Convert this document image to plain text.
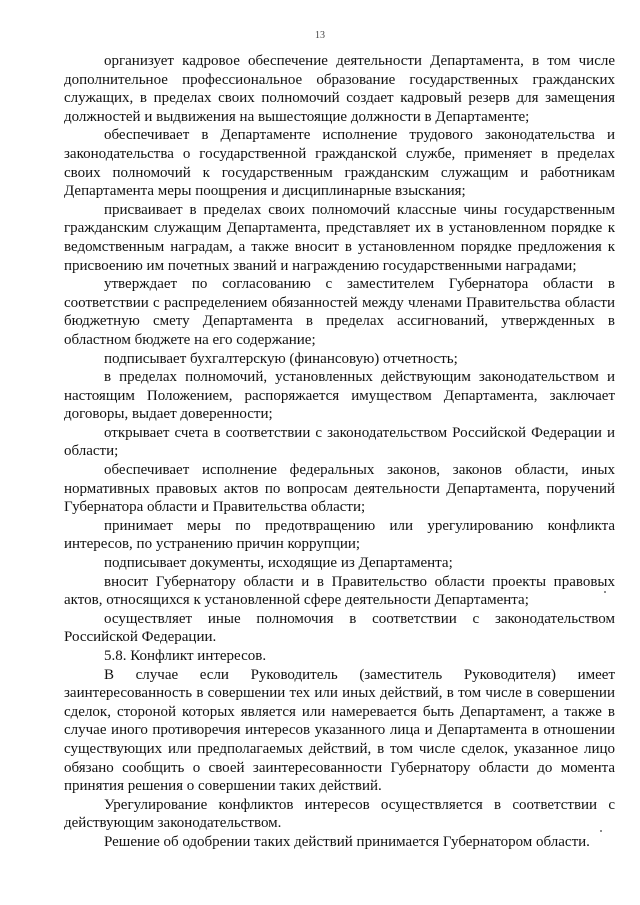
13

организует кадровое обеспечение деятельности Департамента, в том числе дополнительное профессиональное образование государственных гражданских служащих, в пределах своих полномочий создает кадровый резерв для замещения должностей и выдвижения на вышестоящие должности в Департаменте;

обеспечивает в Департаменте исполнение трудового законодательства и законодательства о государственной гражданской службе, применяет в пределах своих полномочий к государственным гражданским служащим и работникам Департамента меры поощрения и дисциплинарные взыскания;

присваивает в пределах своих полномочий классные чины государственным гражданским служащим Департамента, представляет их в установленном порядке к ведомственным наградам, а также вносит в установленном порядке предложения к присвоению им почетных званий и награждению государственными наградами;

утверждает по согласованию с заместителем Губернатора области в соответствии с распределением обязанностей между членами Правительства области бюджетную смету Департамента в пределах ассигнований, утвержденных в областном бюджете на его содержание;

подписывает бухгалтерскую (финансовую) отчетность;

в пределах полномочий, установленных действующим законодательством и настоящим Положением, распоряжается имуществом Департамента, заключает договоры, выдает доверенности;

открывает счета в соответствии с законодательством Российской Федерации и области;

обеспечивает исполнение федеральных законов, законов области, иных нормативных правовых актов по вопросам деятельности Департамента, поручений Губернатора области и Правительства области;

принимает меры по предотвращению или урегулированию конфликта интересов, по устранению причин коррупции;

подписывает документы, исходящие из Департамента;

вносит Губернатору области и в Правительство области проекты правовых актов, относящихся к установленной сфере деятельности Департамента;

осуществляет иные полномочия в соответствии с законодательством Российской Федерации.

5.8. Конфликт интересов.

В случае если Руководитель (заместитель Руководителя) имеет заинтересованность в совершении тех или иных действий, в том числе в совершении сделок, стороной которых является или намеревается быть Департамент, а также в случае иного противоречия интересов указанного лица и Департамента в отношении существующих или предполагаемых действий, в том числе сделок, указанное лицо обязано сообщить о своей заинтересованности Губернатору области до момента принятия решения о совершении таких действий.

Урегулирование конфликтов интересов осуществляется в соответствии с действующим законодательством.

Решение об одобрении таких действий принимается Губернатором области.
